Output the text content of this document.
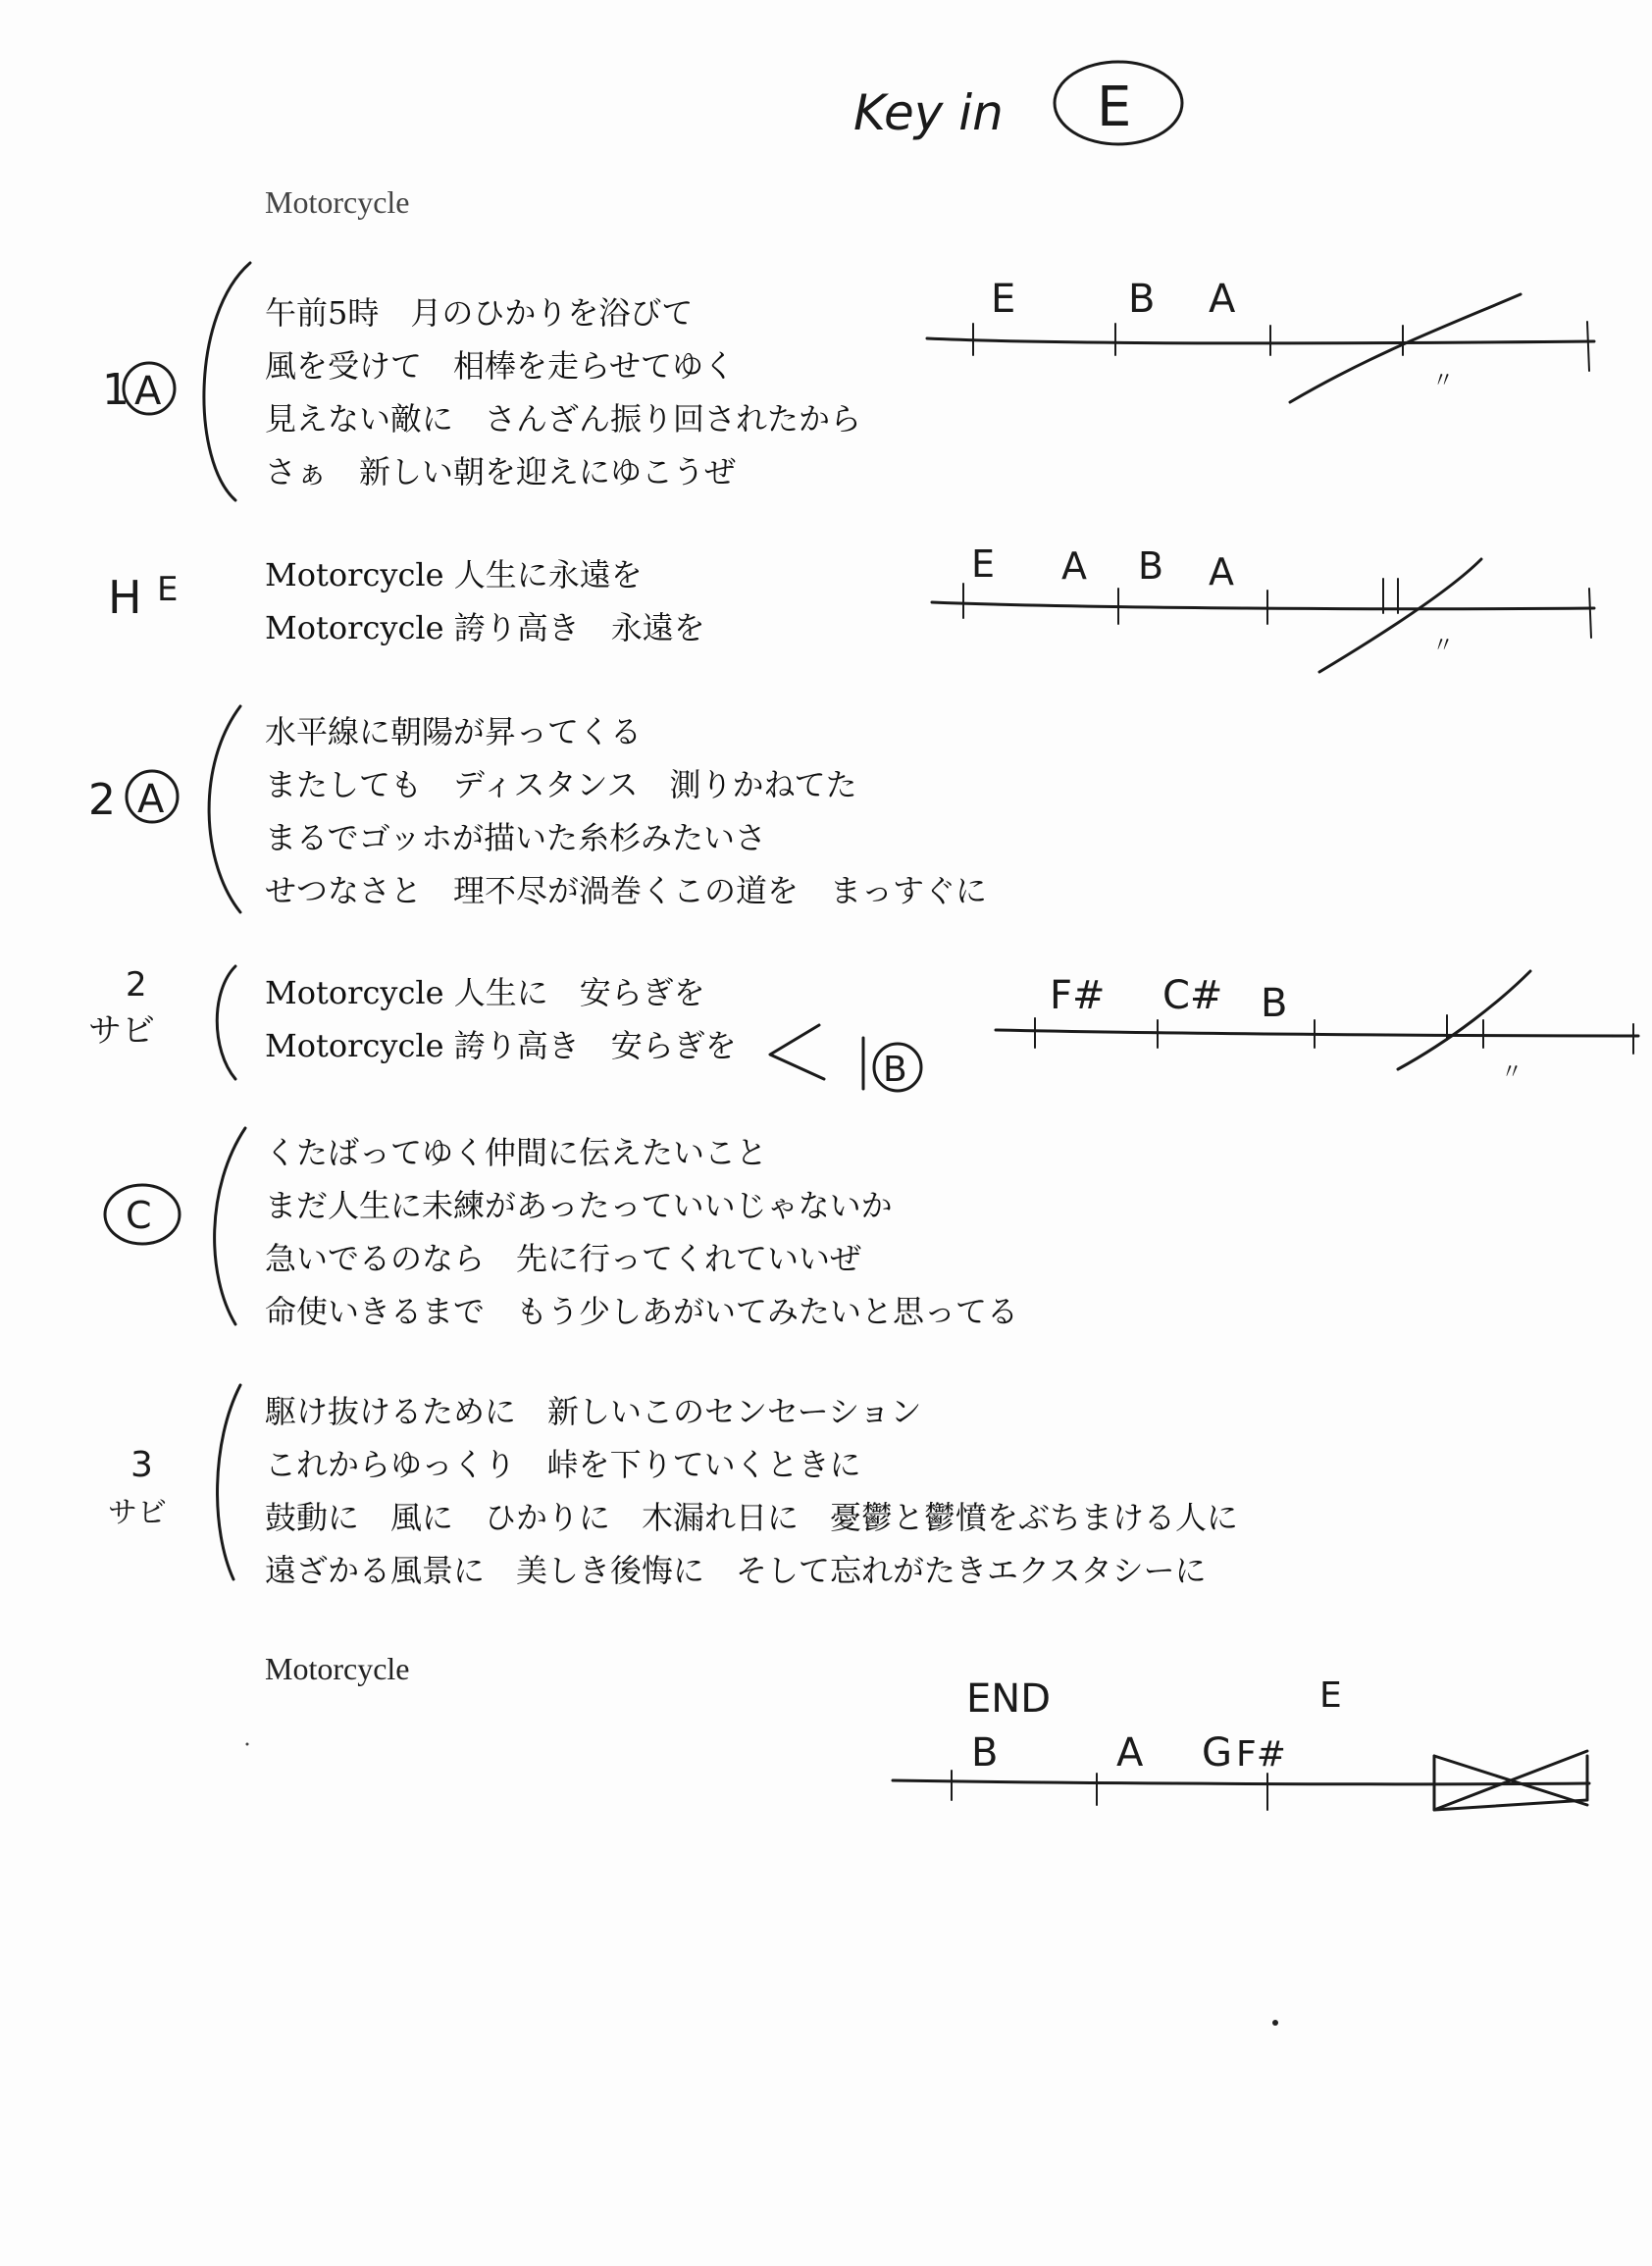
Motorcycle
午前5時　月のひかりを浴びて
風を受けて　相棒を走らせてゆく
見えない敵に　さんざん振り回されたから
さぁ　新しい朝を迎えにゆこうぜ
Motorcycle 人生に永遠を
Motorcycle 誇り高き　永遠を
水平線に朝陽が昇ってくる
またしても　ディスタンス　測りかねてた
まるでゴッホが描いた糸杉みたいさ
せつなさと　理不尽が渦巻くこの道を　まっすぐに
Motorcycle 人生に　安らぎを
Motorcycle 誇り高き　安らぎを
くたばってゆく仲間に伝えたいこと
まだ人生に未練があったっていいじゃないか
急いでるのなら　先に行ってくれていいぜ
命使いきるまで　もう少しあがいてみたいと思ってる
駆け抜けるために　新しいこのセンセーション
これからゆっくり　峠を下りていくときに
鼓動に　風に　ひかりに　木漏れ日に　憂鬱と鬱憤をぶちまける人に
遠ざかる風景に　美しき後悔に　そして忘れがたきエクスタシーに
Motorcycle
Key in E
1 A
E	B A
〃
H E
E A B A
〃
2 A
2
サビ
B
F# C# B
〃
C
3
サビ
END
B	A G F#
E
